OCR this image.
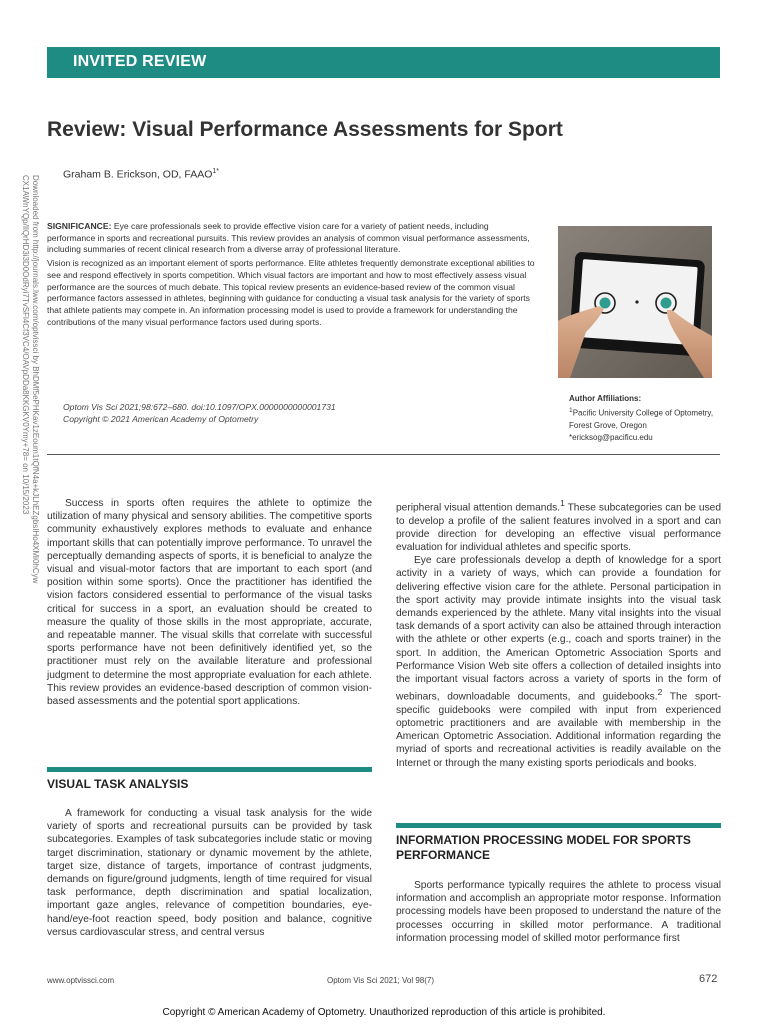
INVITED REVIEW
Review: Visual Performance Assessments for Sport
Graham B. Erickson, OD, $FAAO^{1*}$
Downloaded from http://journals.lww.com/optvissci by BhDMf5ePHKav1zEoum1tQfN4a+kJLhEZgbsIHo4XMi0hCyw CX1AWnYQp/IlQrHD3i3D0OdRyi7TvSFl4Cf3VC4/OAVpDDa8KKGKV0Ymy+78= on 10/15/2023	SIGNIFICANCE: Eye care professionals seek to provide effective vision care for a variety of patient needs, including performance in sports and recreational pursuits. This review provides an analysis of common visual performance assessments, including summaries of recent clinical research from a diverse array of professional literature.

Vision is recognized as an important element of sports performance. Elite athletes frequently demonstrate exceptional abilities to see and respond effectively in sports competition. Which visual factors are important and how to most effectively assess visual performance are the sources of much debate. This topical review presents an evidence-based review of the common visual performance factors assessed in athletes, beginning with guidance for conducting a visual task analysis for the variety of sports that athlete patients may compete in. An information processing model is used to provide a framework for understanding the contributions of the many visual performance factors used during sports.

Optom Vis Sci 2021;98:672–680. doi:10.1097/OPX.0000000000001731
Copyright © 2021 American Academy of Optometry
Author Affiliations:
$^1$Pacific University College of Optometry,
Forest Grove, Oregon
*ericksog@pacificu.edu

Success in sports often requires the athlete to optimize the utilization of many physical and sensory abilities. The competitive sports community exhaustively explores methods to evaluate and enhance important skills that can potentially improve performance. To unravel the perceptually demanding aspects of sports, it is beneficial to analyze the visual and visual-motor factors that are important to each sport (and position within some sports). Once the practitioner has identified the vision factors considered essential to performance of the visual tasks critical for success in a sport, an evaluation should be created to measure the quality of those skills in the most appropriate, accurate, and repeatable manner. The visual skills that correlate with successful sports performance have not been definitively identified yet, so the practitioner must rely on the available literature and professional judgment to determine the most appropriate evaluation for each athlete. This review provides an evidence-based description of common vision-based assessments and the potential sport applications.

peripheral visual attention demands.$^1$ These subcategories can be used to develop a profile of the salient features involved in a sport and can provide direction for developing an effective visual performance evaluation for individual athletes and specific sports.

Eye care professionals develop a depth of knowledge for a sport activity in a variety of ways, which can provide a foundation for delivering effective vision care for the athlete. Personal participation in the sport activity may provide intimate insights into the visual task demands experienced by the athlete. Many vital insights into the visual task demands of a sport activity can also be attained through interaction with the athlete or other experts (e.g., coach and sports trainer) in the sport. In addition, the American Optometric Association Sports and Performance Vision Web site offers a collection of detailed insights into the important visual factors across a variety of sports in the form of webinars, downloadable documents, and guidebooks.$^2$ The sport-specific guidebooks were compiled with input from experienced optometric practitioners and are available with membership in the American Optometric Association. Additional information regarding the myriad of sports and recreational activities is readily available on the Internet or through the many existing sports periodicals and books.

VISUAL TASK ANALYSIS

A framework for conducting a visual task analysis for the wide variety of sports and recreational pursuits can be provided by task subcategories. Examples of task subcategories include static or moving target discrimination, stationary or dynamic movement by the athlete, target size, distance of targets, importance of contrast judgments, demands on figure/ground judgments, length of time required for visual task performance, depth discrimination and spatial localization, important gaze angles, relevance of competition boundaries, eye-hand/eye-foot reaction speed, body position and balance, cognitive versus cardiovascular stress, and central versus

INFORMATION PROCESSING MODEL FOR SPORTS PERFORMANCE

Sports performance typically requires the athlete to process visual information and accomplish an appropriate motor response. Information processing models have been proposed to understand the nature of the processes occurring in skilled motor performance. A traditional information processing model of skilled motor performance first

www.optvissci.com	Optom Vis Sci 2021; Vol 98(7)	672
Copyright © American Academy of Optometry. Unauthorized reproduction of this article is prohibited.
